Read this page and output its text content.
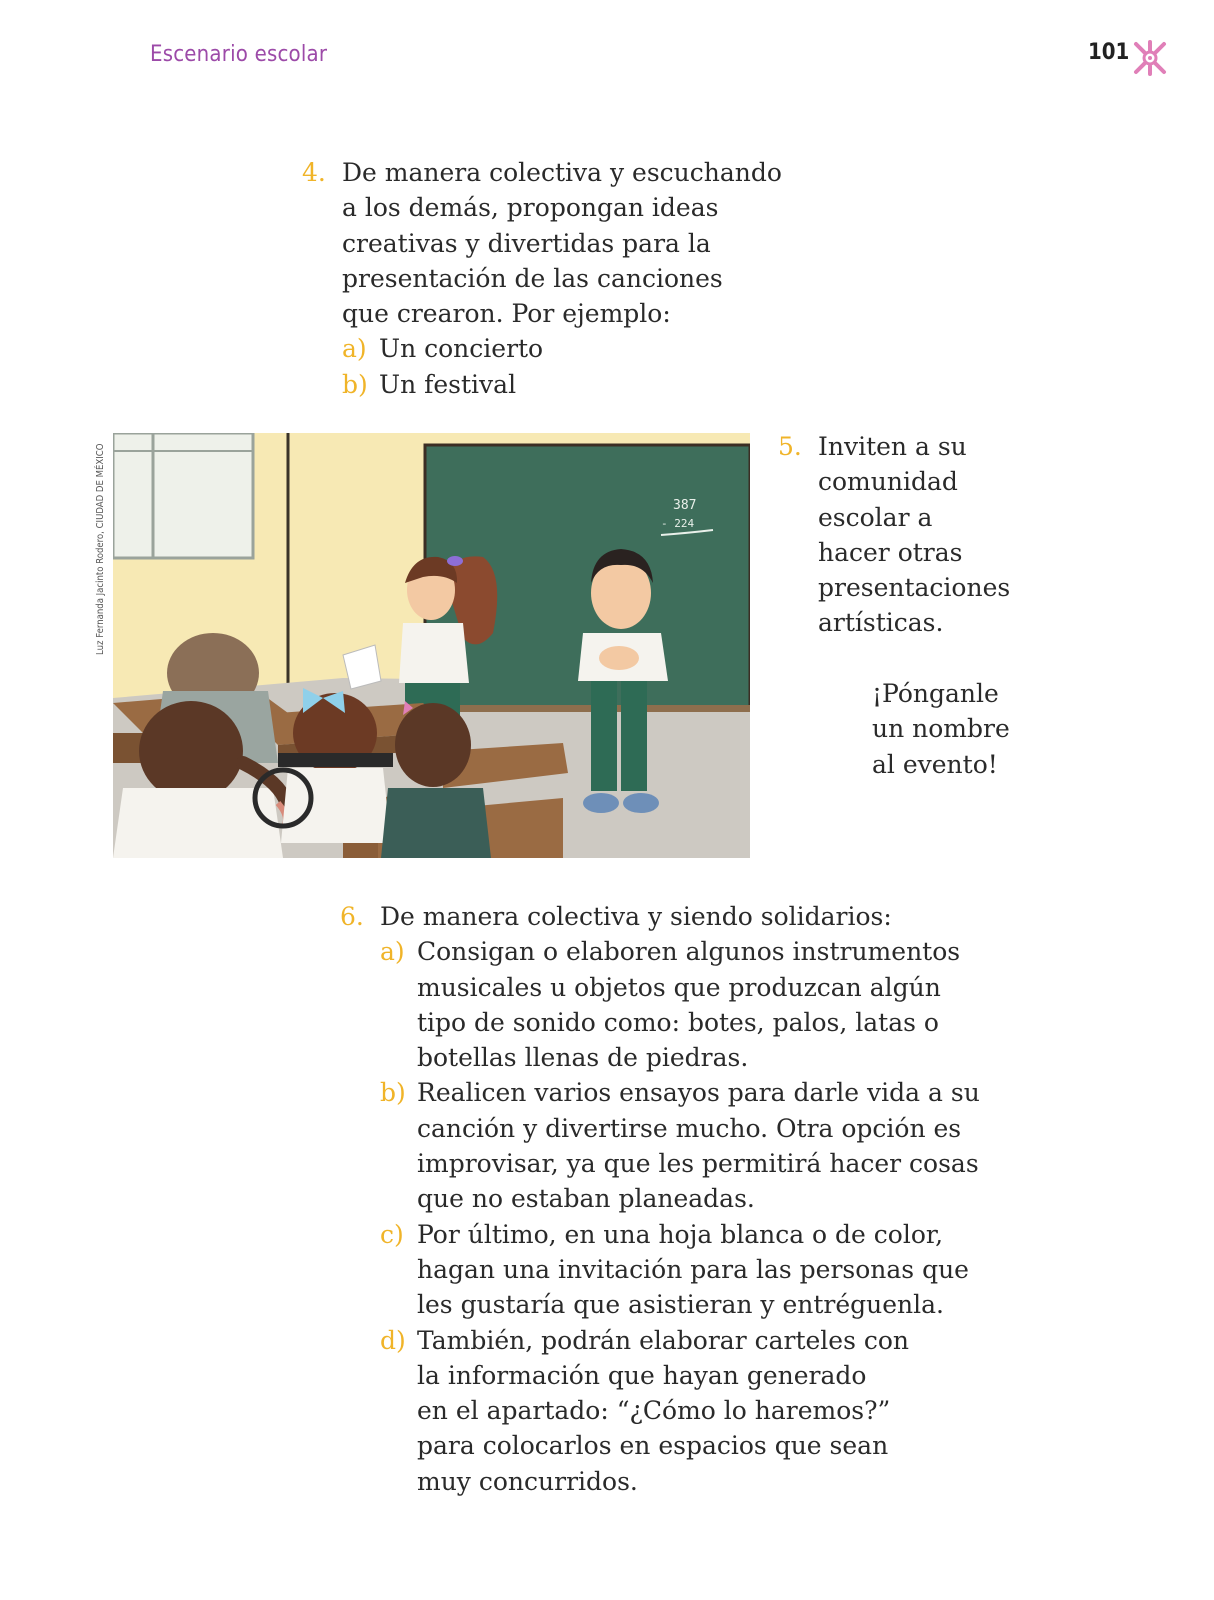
Escenario escolar	101
4. De manera colectiva y escuchando
a los demás, propongan ideas
creativas y divertidas para la
presentación de las canciones
que crearon. Por ejemplo:
a) Un concierto
b) Un festival
Luz Fernanda Jacinto Rodero, CIUDAD DE MÉXICO	387
- 224
5. Inviten a su
comunidad
escolar a
hacer otras
presentaciones
artísticas.
¡Pónganle
un nombre
al evento!
6. De manera colectiva y siendo solidarios:
a) Consigan o elaboren algunos instrumentos
musicales u objetos que produzcan algún
tipo de sonido como: botes, palos, latas o
botellas llenas de piedras.
b) Realicen varios ensayos para darle vida a su
canción y divertirse mucho. Otra opción es
improvisar, ya que les permitirá hacer cosas
que no estaban planeadas.
c) Por último, en una hoja blanca o de color,
hagan una invitación para las personas que
les gustaría que asistieran y entréguenla.
d) También, podrán elaborar carteles con
la información que hayan generado
en el apartado: “¿Cómo lo haremos?”
para colocarlos en espacios que sean
muy concurridos.
